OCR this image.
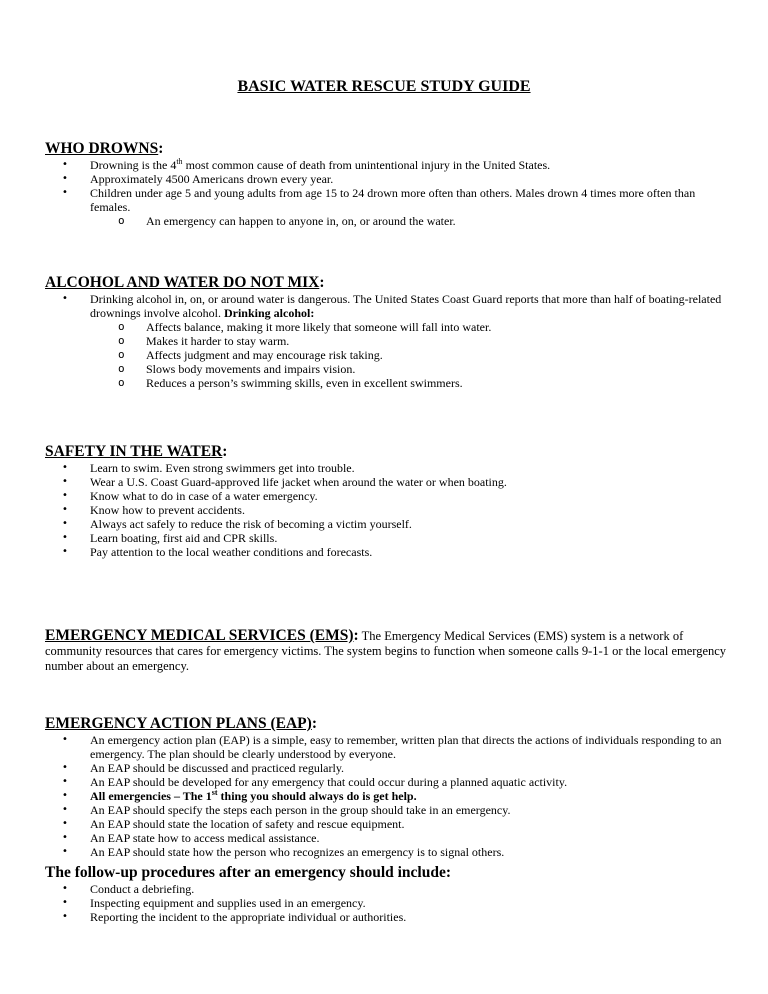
BASIC WATER RESCUE STUDY GUIDE
WHO DROWNS:
• Drowning is the 4th most common cause of death from unintentional injury in the United States.
• Approximately 4500 Americans drown every year.
• Children under age 5 and young adults from age 15 to 24 drown more often than others. Males drown 4 times more often than females.
o An emergency can happen to anyone in, on, or around the water.
ALCOHOL AND WATER DO NOT MIX:
• Drinking alcohol in, on, or around water is dangerous. The United States Coast Guard reports that more than half of boating-related drownings involve alcohol. Drinking alcohol:
o Affects balance, making it more likely that someone will fall into water.
o Makes it harder to stay warm.
o Affects judgment and may encourage risk taking.
o Slows body movements and impairs vision.
o Reduces a person’s swimming skills, even in excellent swimmers.
SAFETY IN THE WATER:
• Learn to swim. Even strong swimmers get into trouble.
• Wear a U.S. Coast Guard-approved life jacket when around the water or when boating.
• Know what to do in case of a water emergency.
• Know how to prevent accidents.
• Always act safely to reduce the risk of becoming a victim yourself.
• Learn boating, first aid and CPR skills.
• Pay attention to the local weather conditions and forecasts.
EMERGENCY MEDICAL SERVICES (EMS): The Emergency Medical Services (EMS) system is a network of community resources that cares for emergency victims. The system begins to function when someone calls 9-1-1 or the local emergency number about an emergency.
EMERGENCY ACTION PLANS (EAP):
• An emergency action plan (EAP) is a simple, easy to remember, written plan that directs the actions of individuals responding to an emergency. The plan should be clearly understood by everyone.
• An EAP should be discussed and practiced regularly.
• An EAP should be developed for any emergency that could occur during a planned aquatic activity.
• All emergencies – The 1st thing you should always do is get help.
• An EAP should specify the steps each person in the group should take in an emergency.
• An EAP should state the location of safety and rescue equipment.
• An EAP state how to access medical assistance.
• An EAP should state how the person who recognizes an emergency is to signal others.
The follow-up procedures after an emergency should include:
• Conduct a debriefing.
• Inspecting equipment and supplies used in an emergency.
• Reporting the incident to the appropriate individual or authorities.
